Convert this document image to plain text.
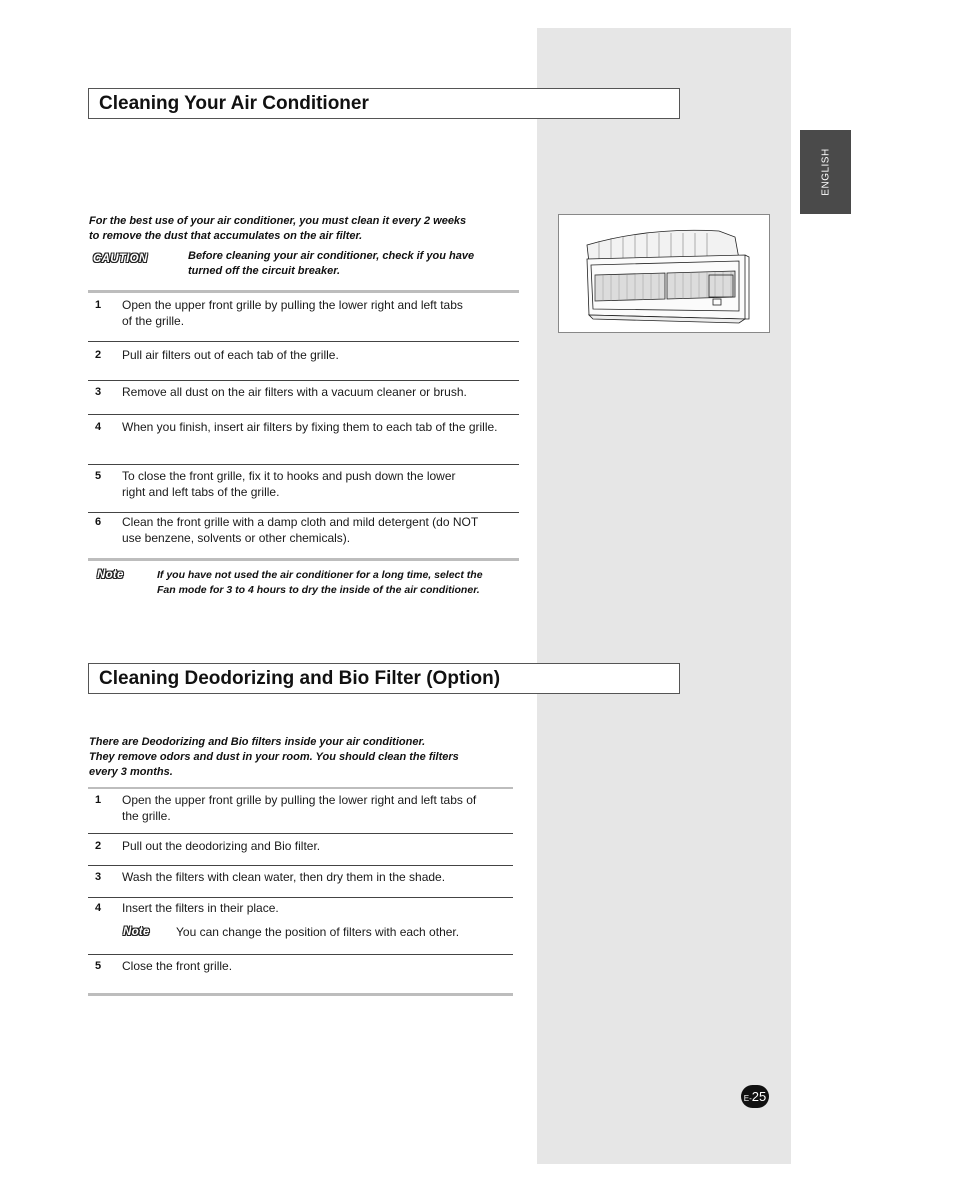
ENGLISH
Cleaning Your Air Conditioner
For the best use of your air conditioner, you must clean it every 2 weeks
to remove the dust that accumulates on the air filter.
CAUTION	Before cleaning your air conditioner, check if you have
turned off the circuit breaker.
1 Open the upper front grille by pulling the lower right and left tabs
of the grille.
2 Pull air filters out of each tab of the grille.
3 Remove all dust on the air filters with a vacuum cleaner or brush.
4 When you finish, insert air filters by fixing them to each tab of the grille.
5 To close the front grille, fix it to hooks and push down the lower
right and left tabs of the grille.
6 Clean the front grille with a damp cloth and mild detergent (do NOT
use benzene, solvents or other chemicals).
Note	If you have not used the air conditioner for a long time, select the
Fan mode for 3 to 4 hours to dry the inside of the air conditioner.
Cleaning Deodorizing and Bio Filter (Option)
There are Deodorizing and Bio filters inside your air conditioner.
They remove odors and dust in your room. You should clean the filters
every 3 months.
1 Open the upper front grille by pulling the lower right and left tabs of
the grille.
2 Pull out the deodorizing and Bio filter.
3 Wash the filters with clean water, then dry them in the shade.
4 Insert the filters in their place.
Note You can change the position of filters with each other.
5 Close the front grille.
E-25
